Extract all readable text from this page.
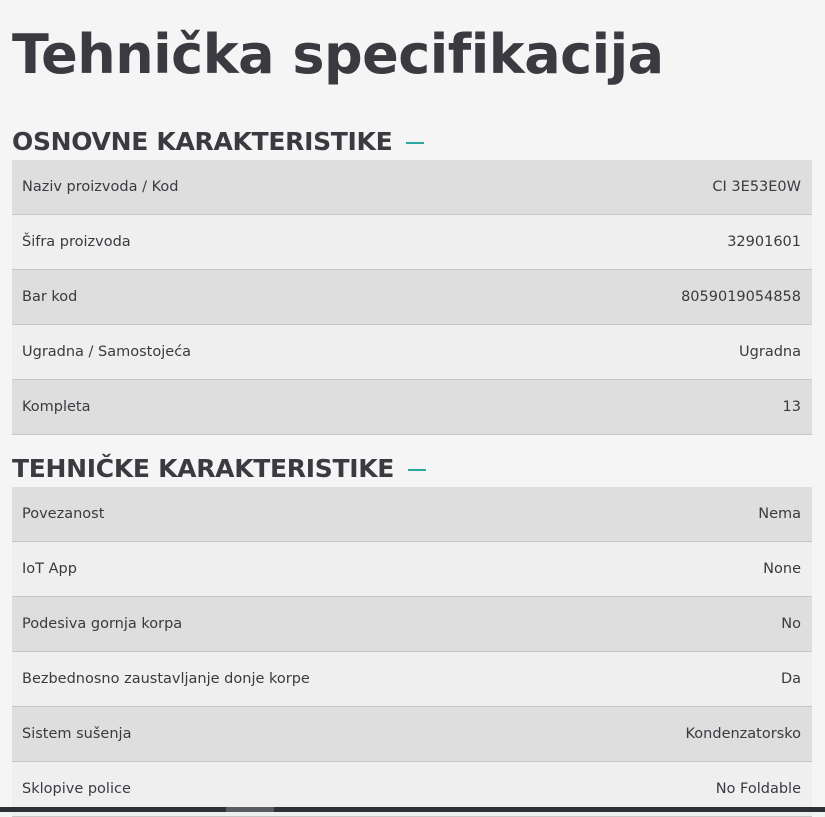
Tehnička specifikacija
OSNOVNE KARAKTERISTIKE
Naziv proizvoda / Kod	CI 3E53E0W
Šifra proizvoda	32901601
Bar kod	8059019054858
Ugradna / Samostojeća	Ugradna
Kompleta	13
TEHNIČKE KARAKTERISTIKE
Povezanost	Nema
IoT App	None
Podesiva gornja korpa	No
Bezbednosno zaustavljanje donje korpe	Da
Sistem sušenja	Kondenzatorsko
Sklopive police	No Foldable
